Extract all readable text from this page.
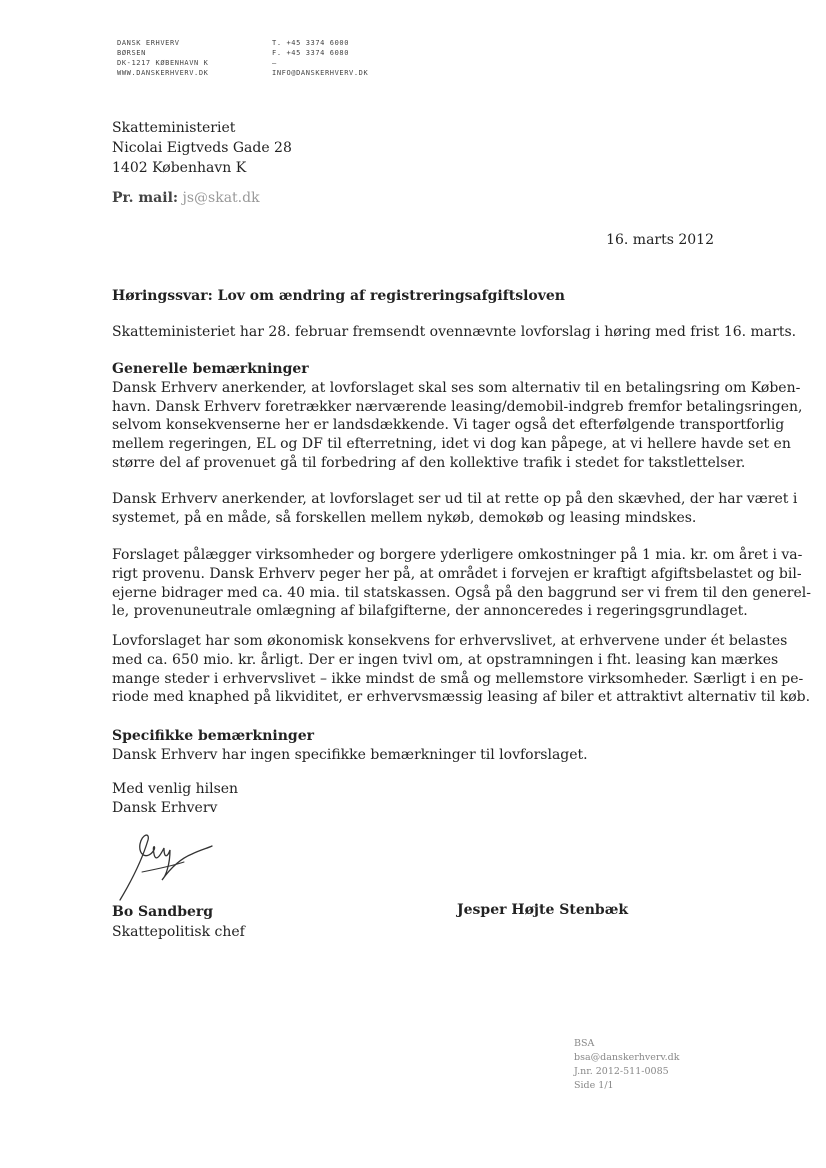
DANSK ERHVERV
BØRSEN
DK-1217 KØBENHAVN K
WWW.DANSKERHVERV.DK
T. +45 3374 6000
F. +45 3374 6080
–
INFO@DANSKERHVERV.DK
Skatteministeriet
Nicolai Eigtveds Gade 28
1402 København K
Pr. mail: js@skat.dk
16. marts 2012
Høringssvar: Lov om ændring af registreringsafgiftsloven
Skatteministeriet har 28. februar fremsendt ovennævnte lovforslag i høring med frist 16. marts.
Generelle bemærkninger
Dansk Erhverv anerkender, at lovforslaget skal ses som alternativ til en betalingsring om Køben-
havn. Dansk Erhverv foretrækker nærværende leasing/demobil-indgreb fremfor betalingsringen,
selvom konsekvenserne her er landsdækkende. Vi tager også det efterfølgende transportforlig
mellem regeringen, EL og DF til efterretning, idet vi dog kan påpege, at vi hellere havde set en
større del af provenuet gå til forbedring af den kollektive trafik i stedet for takstlettelser.
Dansk Erhverv anerkender, at lovforslaget ser ud til at rette op på den skævhed, der har været i
systemet, på en måde, så forskellen mellem nykøb, demokøb og leasing mindskes.
Forslaget pålægger virksomheder og borgere yderligere omkostninger på 1 mia. kr. om året i va-
rigt provenu. Dansk Erhverv peger her på, at området i forvejen er kraftigt afgiftsbelastet og bil-
ejerne bidrager med ca. 40 mia. til statskassen. Også på den baggrund ser vi frem til den generel-
le, provenuneutrale omlægning af bilafgifterne, der annonceredes i regeringsgrundlaget.
Lovforslaget har som økonomisk konsekvens for erhvervslivet, at erhvervene under ét belastes
med ca. 650 mio. kr. årligt. Der er ingen tvivl om, at opstramningen i fht. leasing kan mærkes
mange steder i erhvervslivet – ikke mindst de små og mellemstore virksomheder. Særligt i en pe-
riode med knaphed på likviditet, er erhvervsmæssig leasing af biler et attraktivt alternativ til køb.
Specifikke bemærkninger
Dansk Erhverv har ingen specifikke bemærkninger til lovforslaget.
Med venlig hilsen
Dansk Erhverv
Bo Sandberg
Skattepolitisk chef
Jesper Højte Stenbæk
BSA
bsa@danskerhverv.dk
J.nr. 2012-511-0085
Side 1/1
